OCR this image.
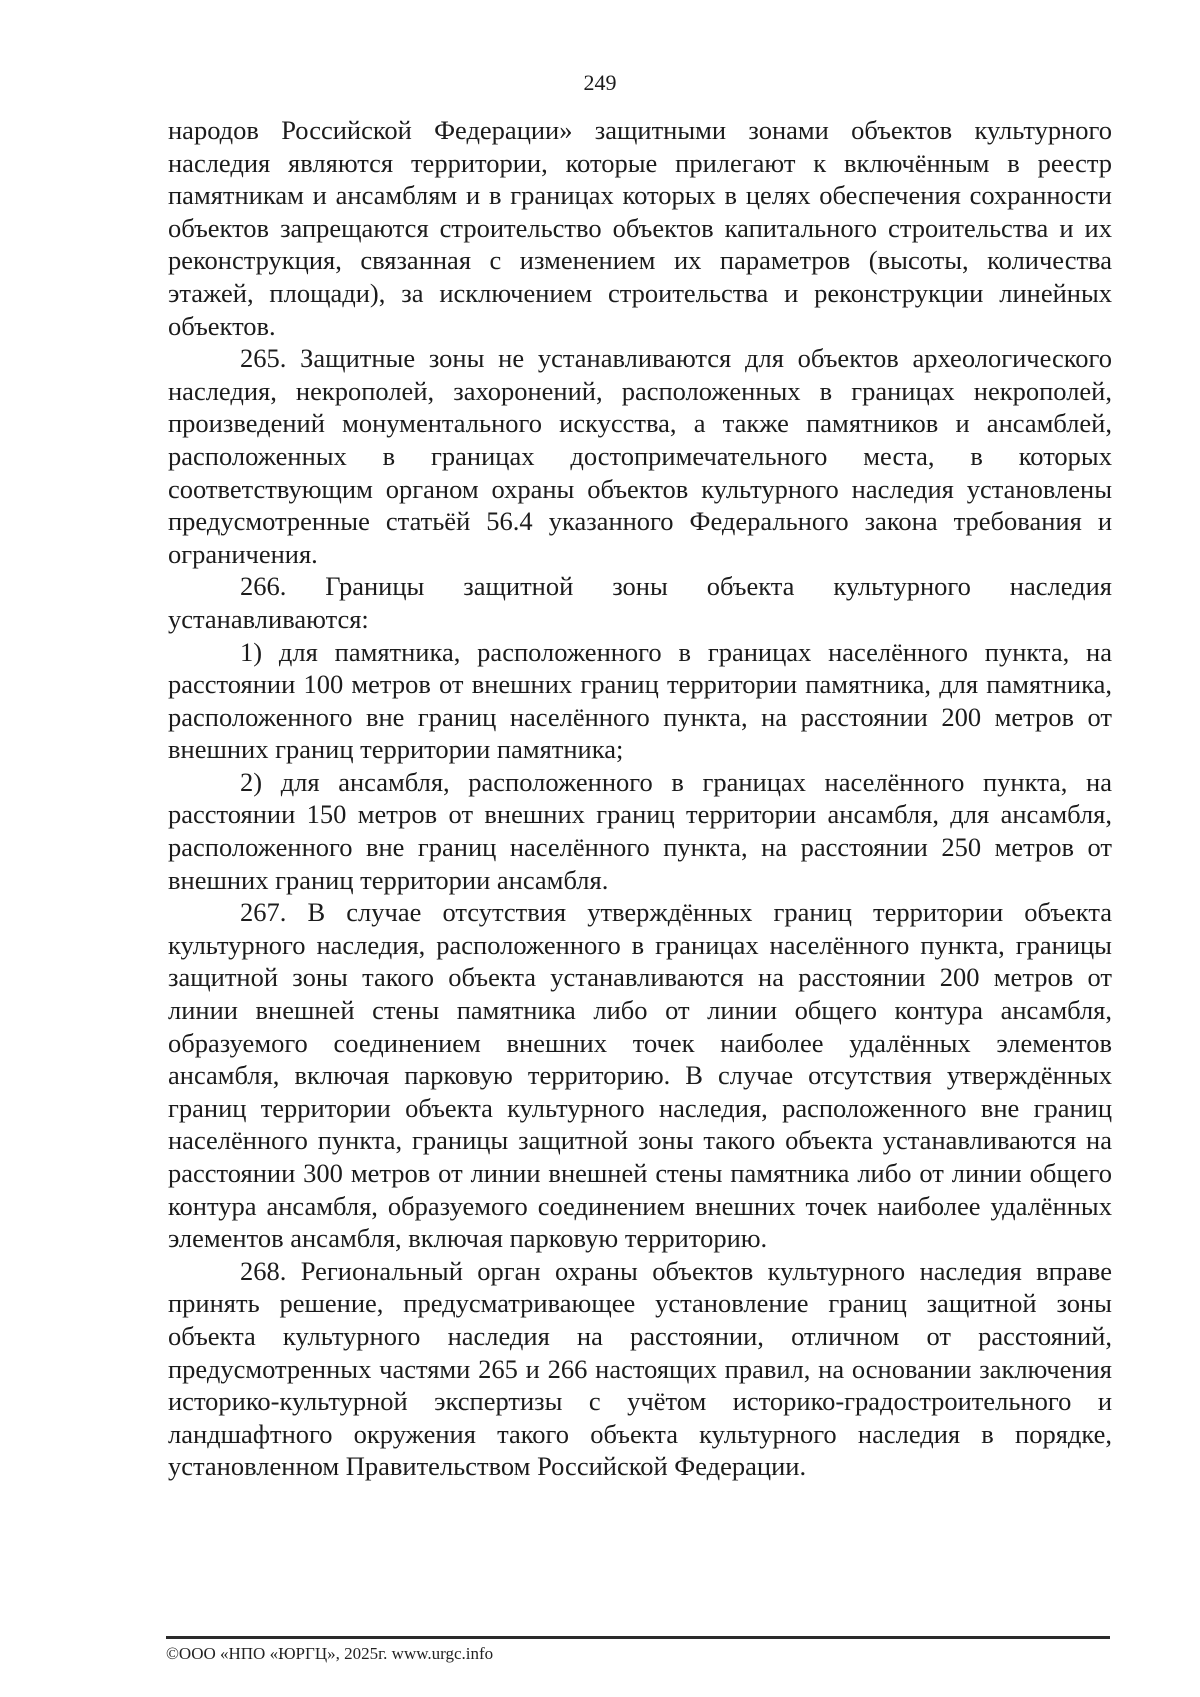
249

народов Российской Федерации» защитными зонами объектов культурного наследия являются территории, которые прилегают к включённым в реестр памятникам и ансамблям и в границах которых в целях обеспечения сохранности объектов запрещаются строительство объектов капитального строительства и их реконструкция, связанная с изменением их параметров (высоты, количества этажей, площади), за исключением строительства и реконструкции линейных объектов.

265. Защитные зоны не устанавливаются для объектов археологического наследия, некрополей, захоронений, расположенных в границах некрополей, произведений монументального искусства, а также памятников и ансамблей, расположенных в границах достопримечательного места, в которых соответствующим органом охраны объектов культурного наследия установлены предусмотренные статьёй 56.4 указанного Федерального закона требования и ограничения.

266. Границы защитной зоны объекта культурного наследия устанавливаются:

1) для памятника, расположенного в границах населённого пункта, на расстоянии 100 метров от внешних границ территории памятника, для памятника, расположенного вне границ населённого пункта, на расстоянии 200 метров от внешних границ территории памятника;

2) для ансамбля, расположенного в границах населённого пункта, на расстоянии 150 метров от внешних границ территории ансамбля, для ансамбля, расположенного вне границ населённого пункта, на расстоянии 250 метров от внешних границ территории ансамбля.

267. В случае отсутствия утверждённых границ территории объекта культурного наследия, расположенного в границах населённого пункта, границы защитной зоны такого объекта устанавливаются на расстоянии 200 метров от линии внешней стены памятника либо от линии общего контура ансамбля, образуемого соединением внешних точек наиболее удалённых элементов ансамбля, включая парковую территорию. В случае отсутствия утверждённых границ территории объекта культурного наследия, расположенного вне границ населённого пункта, границы защитной зоны такого объекта устанавливаются на расстоянии 300 метров от линии внешней стены памятника либо от линии общего контура ансамбля, образуемого соединением внешних точек наиболее удалённых элементов ансамбля, включая парковую территорию.

268. Региональный орган охраны объектов культурного наследия вправе принять решение, предусматривающее установление границ защитной зоны объекта культурного наследия на расстоянии, отличном от расстояний, предусмотренных частями 265 и 266 настоящих правил, на основании заключения историко-культурной экспертизы с учётом историко-градостроительного и ландшафтного окружения такого объекта культурного наследия в порядке, установленном Правительством Российской Федерации.

©ООО «НПО «ЮРГЦ», 2025г. www.urgc.info
